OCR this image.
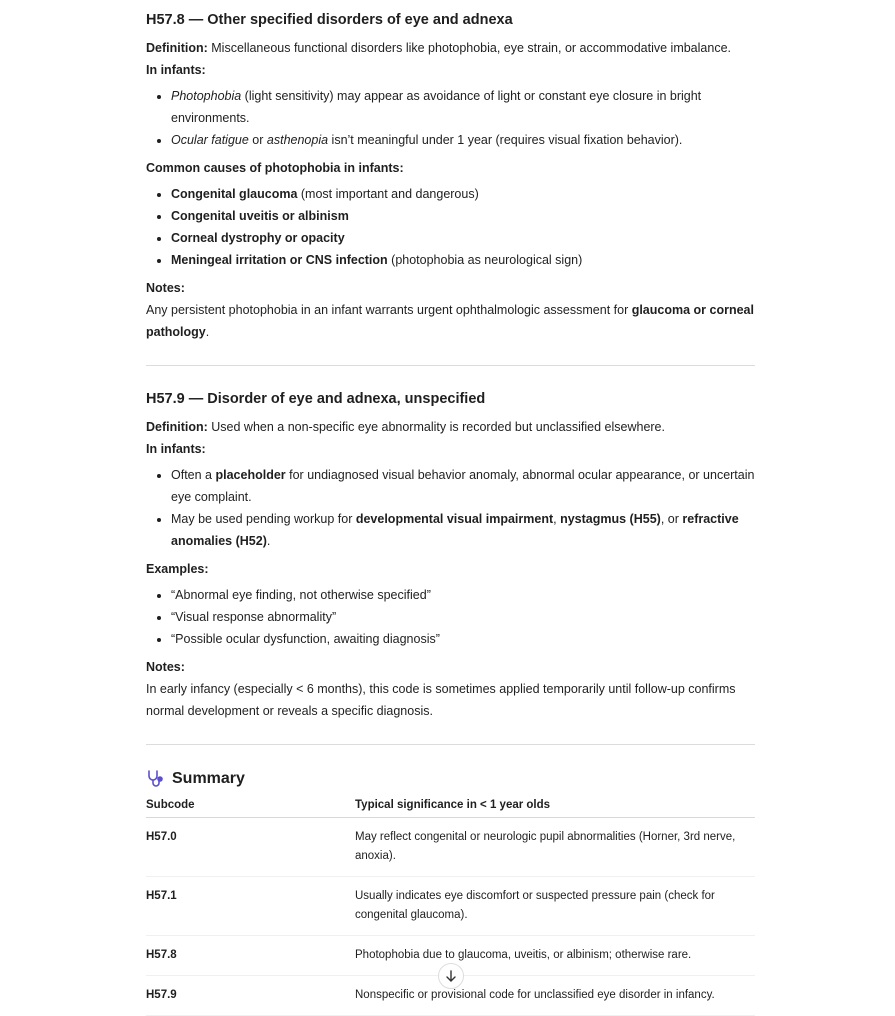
H57.8 — Other specified disorders of eye and adnexa

Definition: Miscellaneous functional disorders like photophobia, eye strain, or accommodative imbalance.

In infants:

• Photophobia (light sensitivity) may appear as avoidance of light or constant eye closure in bright environments.
• Ocular fatigue or asthenopia isn’t meaningful under 1 year (requires visual fixation behavior).

Common causes of photophobia in infants:

• Congenital glaucoma (most important and dangerous)
• Congenital uveitis or albinism
• Corneal dystrophy or opacity
• Meningeal irritation or CNS infection (photophobia as neurological sign)

Notes:

Any persistent photophobia in an infant warrants urgent ophthalmologic assessment for glaucoma or corneal pathology.

H57.9 — Disorder of eye and adnexa, unspecified

Definition: Used when a non-specific eye abnormality is recorded but unclassified elsewhere.

In infants:

• Often a placeholder for undiagnosed visual behavior anomaly, abnormal ocular appearance, or uncertain eye complaint.
• May be used pending workup for developmental visual impairment, nystagmus (H55), or refractive anomalies (H52).

Examples:

• “Abnormal eye finding, not otherwise specified”
• “Visual response abnormality”
• “Possible ocular dysfunction, awaiting diagnosis”

Notes:

In early infancy (especially < 6 months), this code is sometimes applied temporarily until follow-up confirms normal development or reveals a specific diagnosis.

Summary
Subcode	Typical significance in < 1 year olds
H57.0	May reflect congenital or neurologic pupil abnormalities (Horner, 3rd nerve, anoxia).
H57.1	Usually indicates eye discomfort or suspected pressure pain (check for congenital glaucoma).
H57.8	Photophobia due to glaucoma, uveitis, or albinism; otherwise rare.
H57.9	Nonspecific or provisional code for unclassified eye disorder in infancy.
